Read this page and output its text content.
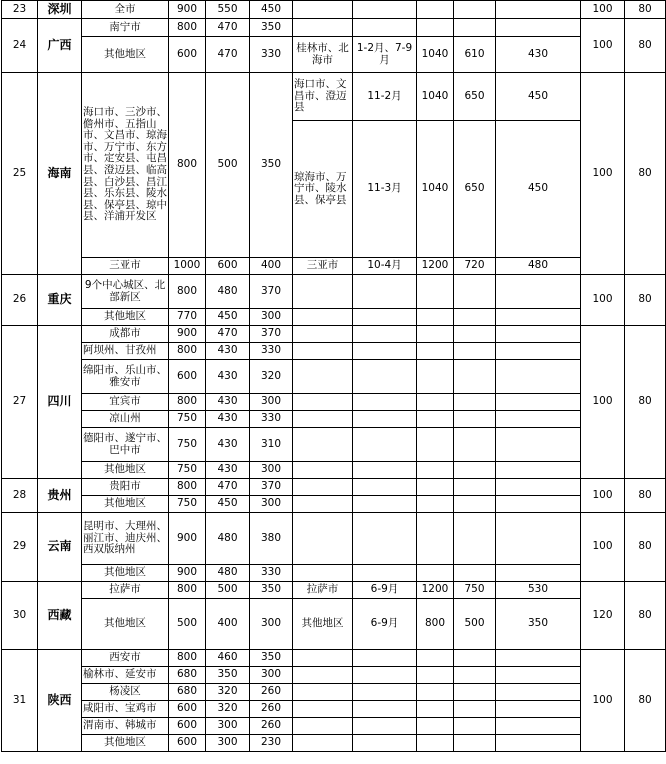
23	深圳	全市	900	550	450						100	80
24	广西	南宁市	800	470	350						100	80
		其他地区	600	470	330	桂林市、北海市	1-2月、7-9月	1040	610	430		
25	海南	海口市、三沙市、儋州市、五指山市、文昌市、琼海市、万宁市、东方市、定安县、屯昌县、澄迈县、临高县、白沙县、昌江县、乐东县、陵水县、保亭县、琼中县、洋浦开发区	800	500	350	海口市、文昌市、澄迈县	11-2月	1040	650	450	100	80
						琼海市、万宁市、陵水县、保亭县	11-3月	1040	650	450		
		三亚市	1000	600	400	三亚市	10-4月	1200	720	480		
26	重庆	9个中心城区、北部新区	800	480	370						100	80
		其他地区	770	450	300							
27	四川	成都市	900	470	370						100	80
		阿坝州、甘孜州	800	430	330							
		绵阳市、乐山市、雅安市	600	430	320							
		宜宾市	800	430	300							
		凉山州	750	430	330							
		德阳市、遂宁市、巴中市	750	430	310							
		其他地区	750	430	300							
28	贵州	贵阳市	800	470	370						100	80
		其他地区	750	450	300							
29	云南	昆明市、大理州、丽江市、迪庆州、西双版纳州	900	480	380						100	80
		其他地区	900	480	330							
30	西藏	拉萨市	800	500	350	拉萨市	6-9月	1200	750	530	120	80
		其他地区	500	400	300	其他地区	6-9月	800	500	350		
31	陕西	西安市	800	460	350						100	80
		榆林市、延安市	680	350	300							
		杨凌区	680	320	260							
		咸阳市、宝鸡市	600	320	260							
		渭南市、韩城市	600	300	260							
		其他地区	600	300	230							
